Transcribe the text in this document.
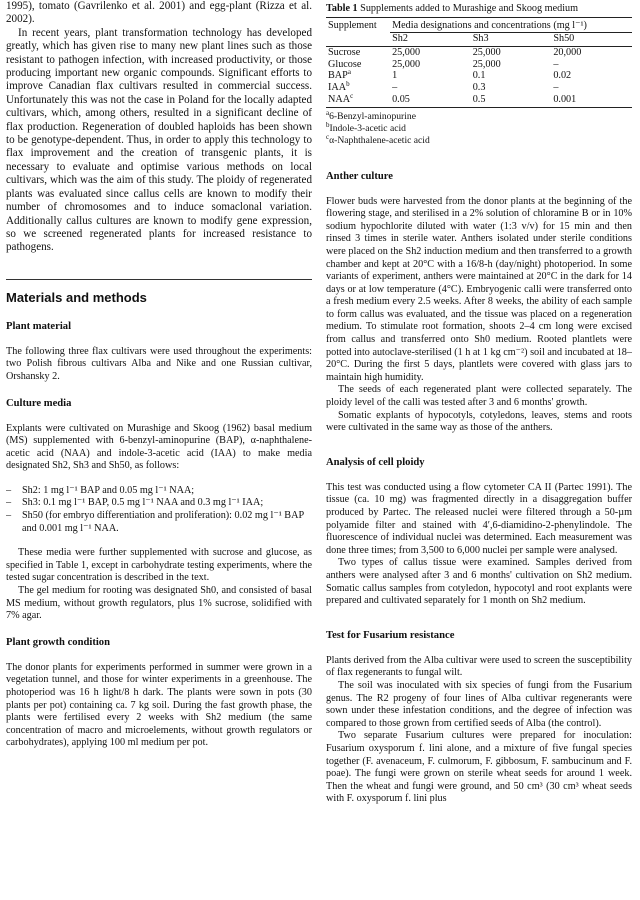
1995), tomato (Gavrilenko et al. 2001) and egg-plant (Rizza et al. 2002).

In recent years, plant transformation technology has developed greatly, which has given rise to many new plant lines such as those resistant to pathogen infection, with increased productivity, or those producing important new organic compounds. Significant efforts to improve Canadian flax cultivars resulted in commercial success. Unfortunately this was not the case in Poland for the locally adapted cultivars, which, among others, resulted in a significant decline of flax production. Regeneration of doubled haploids has been shown to be genotype-dependent. Thus, in order to apply this technology to flax improvement and the creation of transgenic plants, it is necessary to evaluate and optimise various methods on local cultivars, which was the aim of this study. The ploidy of regenerated plants was evaluated since callus cells are known to modify their number of chromosomes and to induce somaclonal variation. Additionally callus cultures are known to modify gene expression, so we screened regenerated plants for increased resistance to pathogens.

Materials and methods
Plant material

The following three flax cultivars were used throughout the experiments: two Polish fibrous cultivars Alba and Nike and one Russian cultivar, Orshansky 2.

Culture media

Explants were cultivated on Murashige and Skoog (1962) basal medium (MS) supplemented with 6-benzyl-aminopurine (BAP), α-naphthalene-acetic acid (NAA) and indole-3-acetic acid (IAA) to make media designated Sh2, Sh3 and Sh50, as follows:

– Sh2: 1 mg l⁻¹ BAP and 0.05 mg l⁻¹ NAA;
– Sh3: 0.1 mg l⁻¹ BAP, 0.5 mg l⁻¹ NAA and 0.3 mg l⁻¹ IAA;
– Sh50 (for embryo differentiation and proliferation): 0.02 mg l⁻¹ BAP and 0.001 mg l⁻¹ NAA.

These media were further supplemented with sucrose and glucose, as specified in Table 1, except in carbohydrate testing experiments, where the tested sugar concentration is described in the text.

The gel medium for rooting was designated Sh0, and consisted of basal MS medium, without growth regulators, plus 1% sucrose, solidified with 7% agar.

Plant growth condition

The donor plants for experiments performed in summer were grown in a vegetation tunnel, and those for winter experiments in a greenhouse. The photoperiod was 16 h light/8 h dark. The plants were sown in pots (30 plants per pot) containing ca. 7 kg soil. During the fast growth phase, the plants were fertilised every 2 weeks with Sh2 medium (the same concentration of macro and microelements, without growth regulators or carbohydrates), applying 100 ml medium per pot.

Table 1 Supplements added to Murashige and Skoog medium
Supplement	Media designations and concentrations (mg l⁻¹)		
	Sh2	Sh3	Sh50
Sucrose	25,000	25,000	20,000
Glucose	25,000	25,000	–
BAP$^a$	1	0.1	0.02
IAA$^b$	–	0.3	–
NAA$^c$	0.05	0.5	0.001
$^a$6-Benzyl-aminopurine
$^b$Indole-3-acetic acid
$^c$α-Naphthalene-acetic acid
Anther culture

Flower buds were harvested from the donor plants at the beginning of the flowering stage, and sterilised in a 2% solution of chloramine B or in 10% sodium hypochlorite diluted with water (1:3 v/v) for 15 min and then rinsed 3 times in sterile water. Anthers isolated under sterile conditions were placed on the Sh2 induction medium and then transferred to a growth chamber and kept at 20°C with a 16/8-h (day/night) photoperiod. In some variants of experiment, anthers were maintained at 20°C in the dark for 14 days or at low temperature (4°C). Embryogenic calli were transferred onto a fresh medium every 2.5 weeks. After 8 weeks, the ability of each sample to form callus was evaluated, and the tissue was placed on a regeneration medium. To stimulate root formation, shoots 2–4 cm long were excised from callus and transferred onto Sh0 medium. Rooted plantlets were potted into autoclave-sterilised (1 h at 1 kg cm⁻²) soil and incubated at 18–20°C. During the first 5 days, plantlets were covered with glass jars to maintain high humidity.

The seeds of each regenerated plant were collected separately. The ploidy level of the calli was tested after 3 and 6 months' growth.

Somatic explants of hypocotyls, cotyledons, leaves, stems and roots were cultivated in the same way as those of the anthers.

Analysis of cell ploidy

This test was conducted using a flow cytometer CA II (Partec 1991). The tissue (ca. 10 mg) was fragmented directly in a disaggregation buffer produced by Partec. The released nuclei were filtered through a 50-µm polyamide filter and stained with 4′,6-diamidino-2-phenylindole. The fluorescence of individual nuclei was determined. Each measurement was done three times; from 3,500 to 6,000 nuclei per sample were analysed.

Two types of callus tissue were examined. Samples derived from anthers were analysed after 3 and 6 months' cultivation on Sh2 medium. Somatic callus samples from cotyledon, hypocotyl and root explants were prepared and cultivated separately for 1 month on Sh2 medium.

Test for Fusarium resistance

Plants derived from the Alba cultivar were used to screen the susceptibility of flax regenerants to fungal wilt.

The soil was inoculated with six species of fungi from the Fusarium genus. The R2 progeny of four lines of Alba cultivar regenerants were sown under these infestation conditions, and the degree of infection was compared to those grown from certified seeds of Alba (the control).

Two separate Fusarium cultures were prepared for inoculation: Fusarium oxysporum f. lini alone, and a mixture of five fungal species together (F. avenaceum, F. culmorum, F. gibbosum, F. sambucinum and F. poae). The fungi were grown on sterile wheat seeds for around 1 week. Then the wheat and fungi were ground, and 50 cm³ (30 cm³ wheat seeds with F. oxysporum f. lini plus
